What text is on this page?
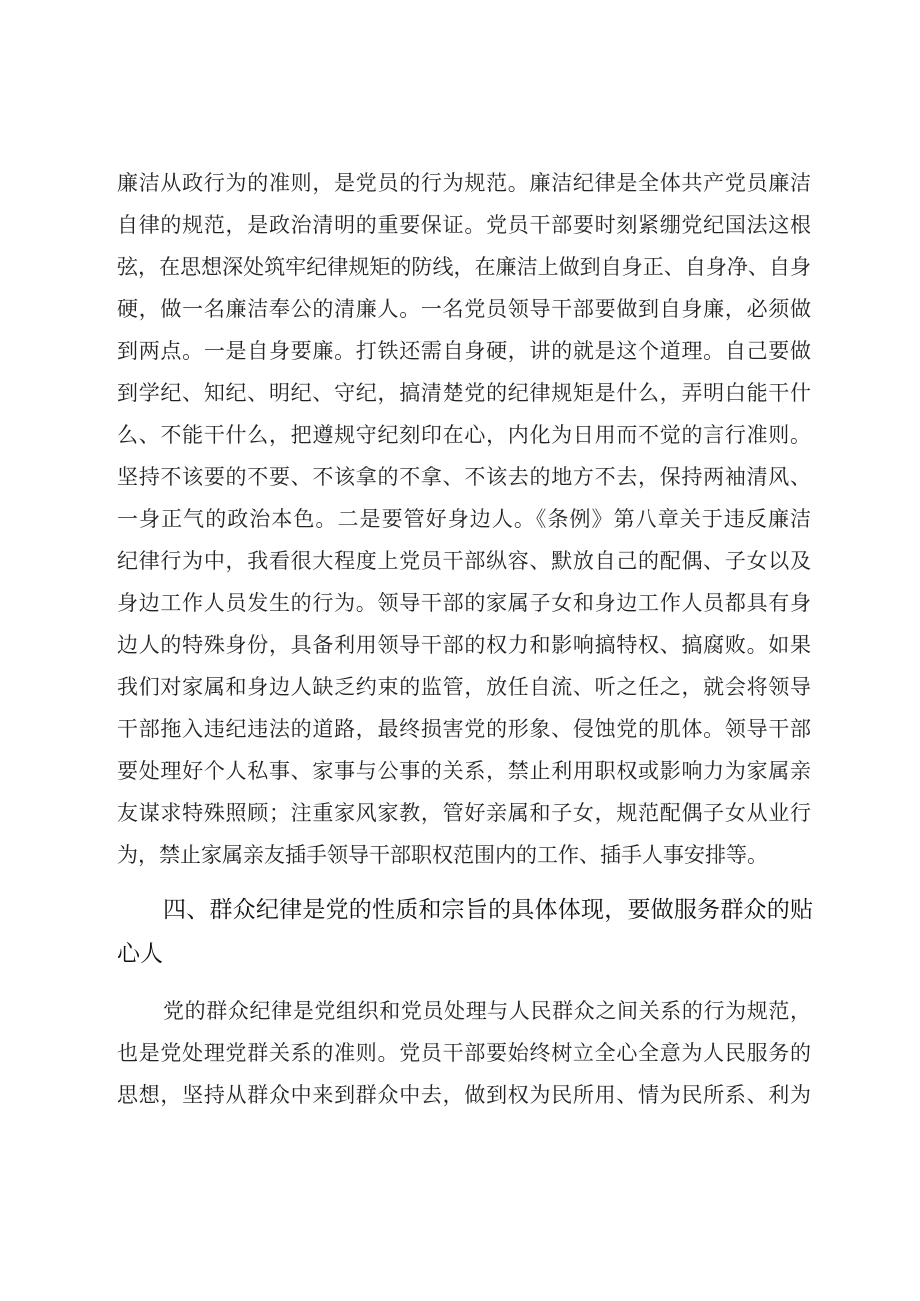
廉洁从政行为的准则，是党员的行为规范。廉洁纪律是全体共产党员廉洁
自律的规范，是政治清明的重要保证。党员干部要时刻紧绷党纪国法这根
弦，在思想深处筑牢纪律规矩的防线，在廉洁上做到自身正、自身净、自身
硬，做一名廉洁奉公的清廉人。一名党员领导干部要做到自身廉，必须做
到两点。一是自身要廉。打铁还需自身硬，讲的就是这个道理。自己要做
到学纪、知纪、明纪、守纪，搞清楚党的纪律规矩是什么，弄明白能干什
么、不能干什么，把遵规守纪刻印在心，内化为日用而不觉的言行准则。
坚持不该要的不要、不该拿的不拿、不该去的地方不去，保持两袖清风、
一身正气的政治本色。二是要管好身边人。《条例》第八章关于违反廉洁
纪律行为中，我看很大程度上党员干部纵容、默放自己的配偶、子女以及
身边工作人员发生的行为。领导干部的家属子女和身边工作人员都具有身
边人的特殊身份，具备利用领导干部的权力和影响搞特权、搞腐败。如果
我们对家属和身边人缺乏约束的监管，放任自流、听之任之，就会将领导
干部拖入违纪违法的道路，最终损害党的形象、侵蚀党的肌体。领导干部
要处理好个人私事、家事与公事的关系，禁止利用职权或影响力为家属亲
友谋求特殊照顾；注重家风家教，管好亲属和子女，规范配偶子女从业行
为，禁止家属亲友插手领导干部职权范围内的工作、插手人事安排等。
四、群众纪律是党的性质和宗旨的具体体现，要做服务群众的贴
心人
党的群众纪律是党组织和党员处理与人民群众之间关系的行为规范，
也是党处理党群关系的准则。党员干部要始终树立全心全意为人民服务的
思想，坚持从群众中来到群众中去，做到权为民所用、情为民所系、利为
